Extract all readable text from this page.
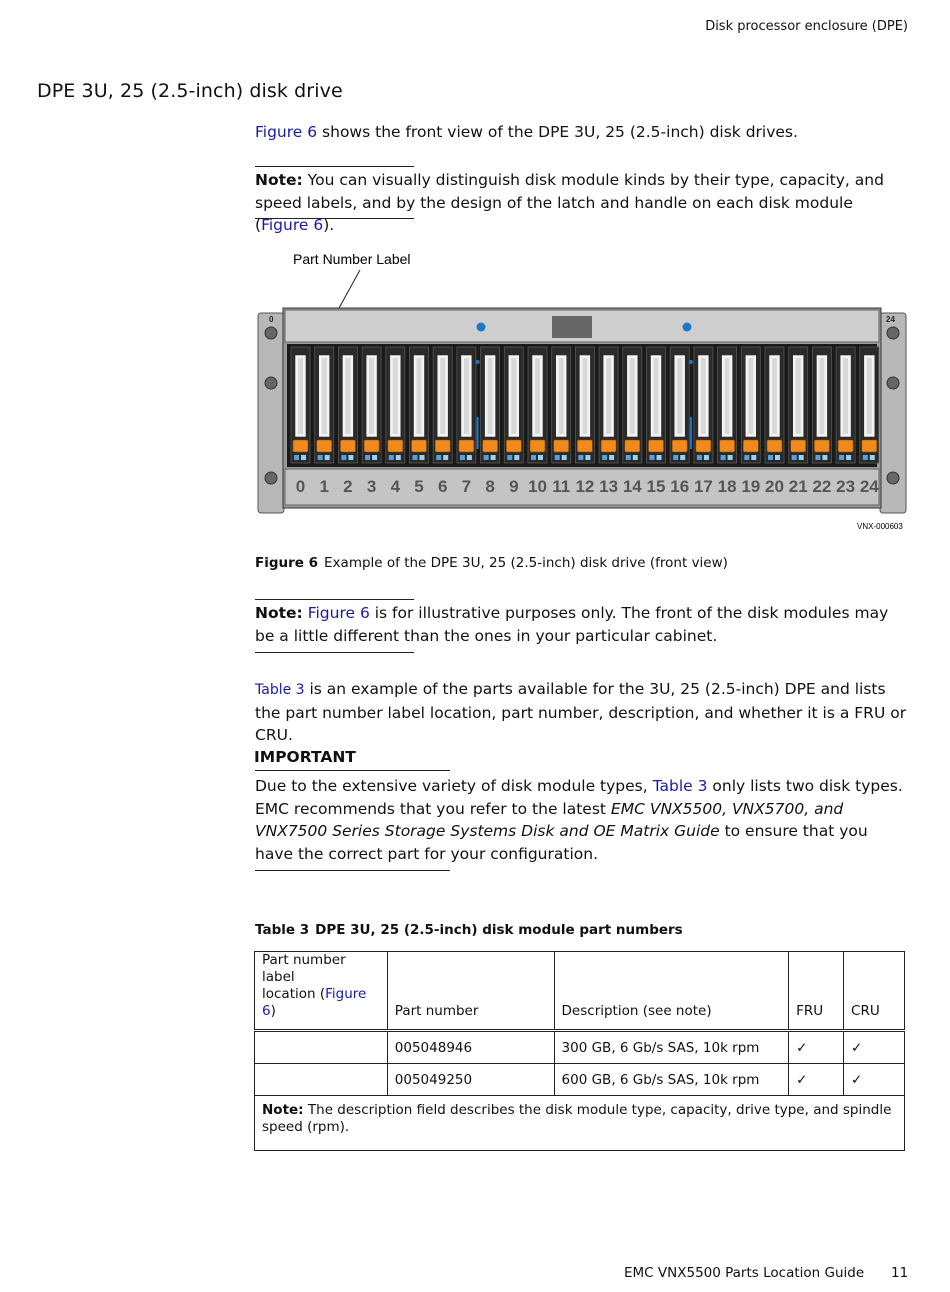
Disk processor enclosure (DPE)
DPE 3U, 25 (2.5-inch) disk drive

Figure 6 shows the front view of the DPE 3U, 25 (2.5-inch) disk drives.

Note: You can visually distinguish disk module kinds by their type, capacity, and speed labels, and by the design of the latch and handle on each disk module (Figure 6).

Part Number Label
0	24
0 1 2 3 4 5 6 7 8 9 10 11 12 13 14 15 16 17 18 19 20 21 22 23 24
VNX-000603
Figure 6 Example of the DPE 3U, 25 (2.5-inch) disk drive (front view)

Note: Figure 6 is for illustrative purposes only. The front of the disk modules may be a little different than the ones in your particular cabinet.

Table 3 is an example of the parts available for the 3U, 25 (2.5-inch) DPE and lists the part number label location, part number, description, and whether it is a FRU or CRU.

IMPORTANT

Due to the extensive variety of disk module types, Table 3 only lists two disk types. EMC recommends that you refer to the latest EMC VNX5500, VNX5700, and VNX7500 Series Storage Systems Disk and OE Matrix Guide to ensure that you have the correct part for your configuration.

Table 3 DPE 3U, 25 (2.5-inch) disk module part numbers
Part number label
location (Figure 6)	Part number	Description (see note)	FRU	CRU
	005048946	300 GB, 6 Gb/s SAS, 10k rpm	✓	✓
	005049250	600 GB, 6 Gb/s SAS, 10k rpm	✓	✓
Note: The description field describes the disk module type, capacity, drive type, and spindle speed (rpm).				
EMC VNX5500 Parts Location Guide 11
